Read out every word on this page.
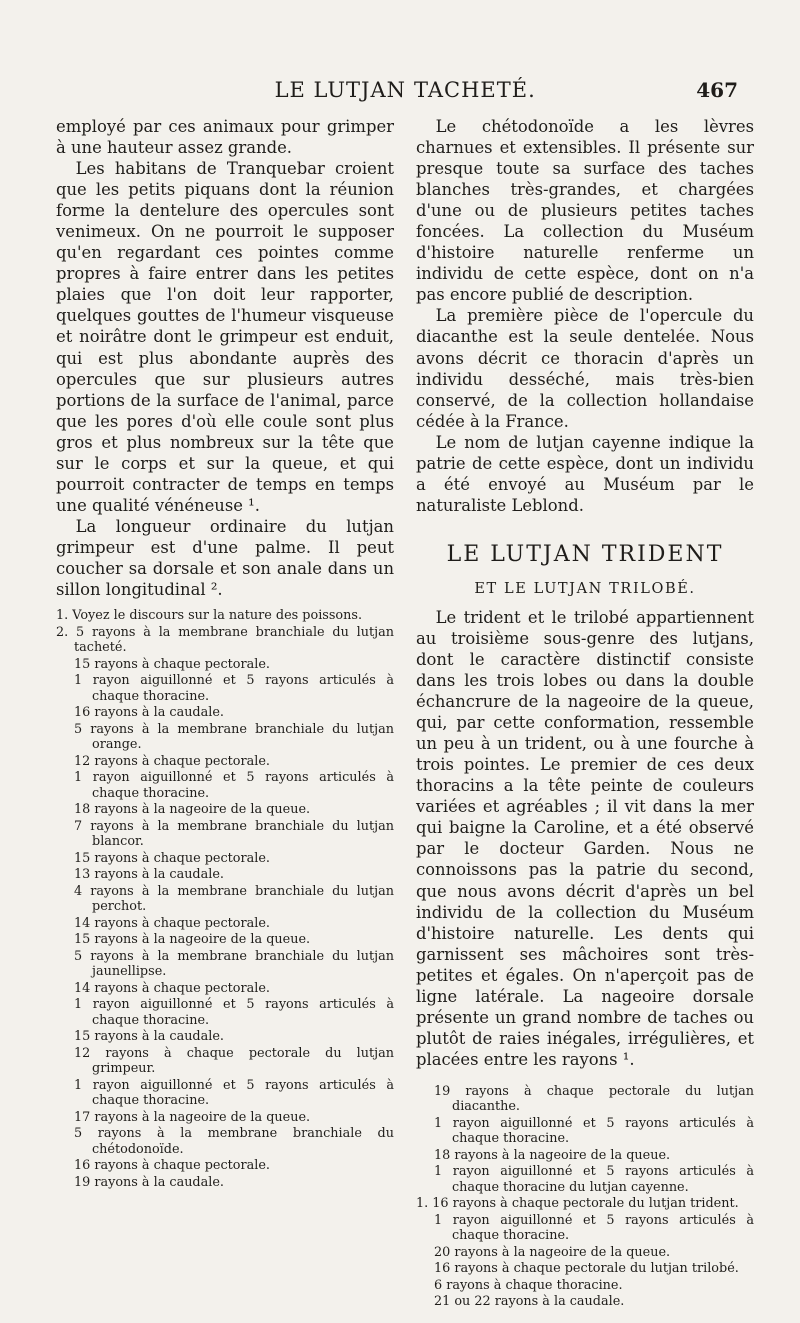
LE LUTJAN TACHETÉ.	467

employé par ces animaux pour grimper à une hauteur assez grande.

Les habitans de Tranquebar croient que les petits piquans dont la réunion forme la dentelure des opercules sont venimeux. On ne pourroit le supposer qu'en regardant ces pointes comme propres à faire entrer dans les petites plaies que l'on doit leur rapporter, quelques gouttes de l'humeur visqueuse et noirâtre dont le grimpeur est enduit, qui est plus abondante auprès des opercules que sur plusieurs autres portions de la surface de l'animal, parce que les pores d'où elle coule sont plus gros et plus nombreux sur la tête que sur le corps et sur la queue, et qui pourroit contracter de temps en temps une qualité vénéneuse ¹.

La longueur ordinaire du lutjan grimpeur est d'une palme. Il peut coucher sa dorsale et son anale dans un sillon longitudinal ².

1. Voyez le discours sur la nature des poissons.

2. 5 rayons à la membrane branchiale du lutjan tacheté.

15 rayons à chaque pectorale.

1 rayon aiguillonné et 5 rayons articulés à chaque thoracine.

16 rayons à la caudale.

5 rayons à la membrane branchiale du lutjan orange.

12 rayons à chaque pectorale.

1 rayon aiguillonné et 5 rayons articulés à chaque thoracine.

18 rayons à la nageoire de la queue.

7 rayons à la membrane branchiale du lutjan blancor.

15 rayons à chaque pectorale.

13 rayons à la caudale.

4 rayons à la membrane branchiale du lutjan perchot.

14 rayons à chaque pectorale.

15 rayons à la nageoire de la queue.

5 rayons à la membrane branchiale du lutjan jaunellipse.

14 rayons à chaque pectorale.

1 rayon aiguillonné et 5 rayons articulés à chaque thoracine.

15 rayons à la caudale.

12 rayons à chaque pectorale du lutjan grimpeur.

1 rayon aiguillonné et 5 rayons articulés à chaque thoracine.

17 rayons à la nageoire de la queue.

5 rayons à la membrane branchiale du chétodonoïde.

16 rayons à chaque pectorale.

19 rayons à la caudale.

Le chétodonoïde a les lèvres charnues et extensibles. Il présente sur presque toute sa surface des taches blanches très-grandes, et chargées d'une ou de plusieurs petites taches foncées. La collection du Muséum d'histoire naturelle renferme un individu de cette espèce, dont on n'a pas encore publié de description.

La première pièce de l'opercule du diacanthe est la seule dentelée. Nous avons décrit ce thoracin d'après un individu desséché, mais très-bien conservé, de la collection hollandaise cédée à la France.

Le nom de lutjan cayenne indique la patrie de cette espèce, dont un individu a été envoyé au Muséum par le naturaliste Leblond.

LE LUTJAN TRIDENT
ET LE LUTJAN TRILOBÉ.

Le trident et le trilobé appartiennent au troisième sous-genre des lutjans, dont le caractère distinctif consiste dans les trois lobes ou dans la double échancrure de la nageoire de la queue, qui, par cette conformation, ressemble un peu à un trident, ou à une fourche à trois pointes. Le premier de ces deux thoracins a la tête peinte de couleurs variées et agréables ; il vit dans la mer qui baigne la Caroline, et a été observé par le docteur Garden. Nous ne connoissons pas la patrie du second, que nous avons décrit d'après un bel individu de la collection du Muséum d'histoire naturelle. Les dents qui garnissent ses mâchoires sont très-petites et égales. On n'aperçoit pas de ligne latérale. La nageoire dorsale présente un grand nombre de taches ou plutôt de raies inégales, irrégulières, et placées entre les rayons ¹.

19 rayons à chaque pectorale du lutjan diacanthe.

1 rayon aiguillonné et 5 rayons articulés à chaque thoracine.

18 rayons à la nageoire de la queue.

1 rayon aiguillonné et 5 rayons articulés à chaque thoracine du lutjan cayenne.

1. 16 rayons à chaque pectorale du lutjan trident.

1 rayon aiguillonné et 5 rayons articulés à chaque thoracine.

20 rayons à la nageoire de la queue.

16 rayons à chaque pectorale du lutjan trilobé.

6 rayons à chaque thoracine.

21 ou 22 rayons à la caudale.
